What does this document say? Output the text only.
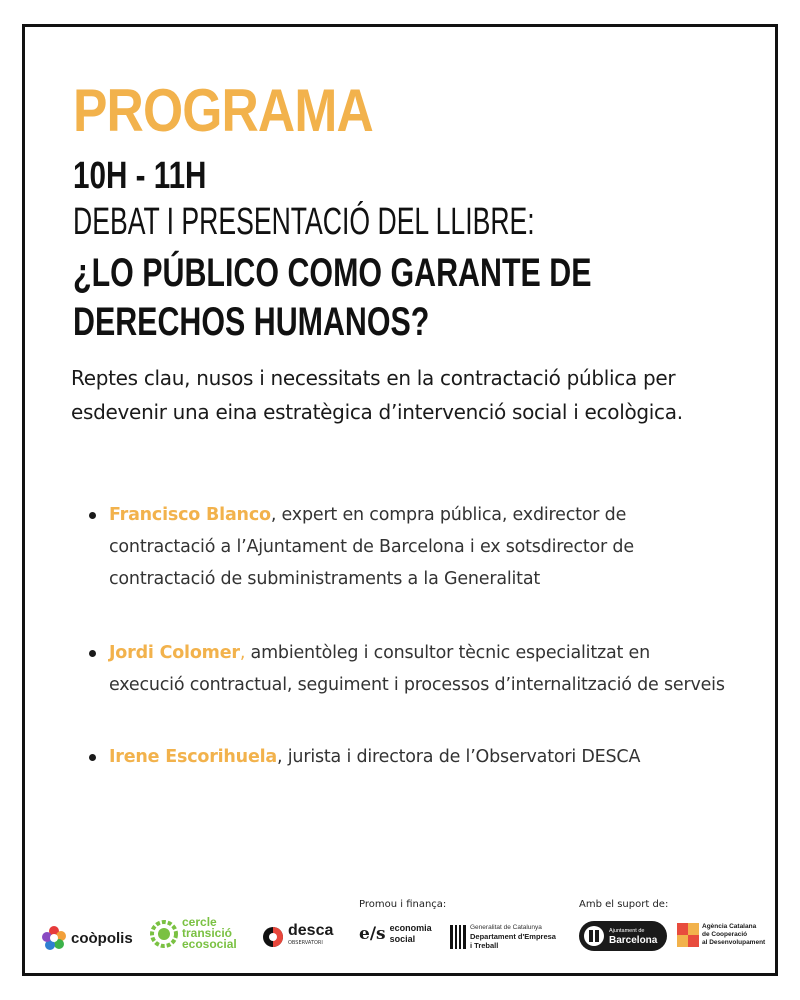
PROGRAMA
10H - 11H
DEBAT I PRESENTACIÓ DEL LLIBRE:
¿LO PÚBLICO COMO GARANTE DE
DERECHOS HUMANOS?

Reptes clau, nusos i necessitats en la contractació pública per esdevenir una eina estratègica d’intervenció social i ecològica.

Francisco Blanco, expert en compra pública, exdirector de contractació a l’Ajuntament de Barcelona i ex sotsdirector de contractació de subministraments a la Generalitat
Jordi Colomer, ambientòleg i consultor tècnic especialitzat en execució contractual, seguiment i processos d’internalització de serveis
Irene Escorihuela, jurista i directora de l’Observatori DESCA
Promou i finança:	Amb el suport de:
coòpolis
cercle
transició
ecosocial
desca
OBSERVATORI	e/s economia
social
Generalitat de Catalunya
Departament d'Empresa
i Treball
Ajuntament de
Barcelona
Agència Catalana
de Cooperació
al Desenvolupament
